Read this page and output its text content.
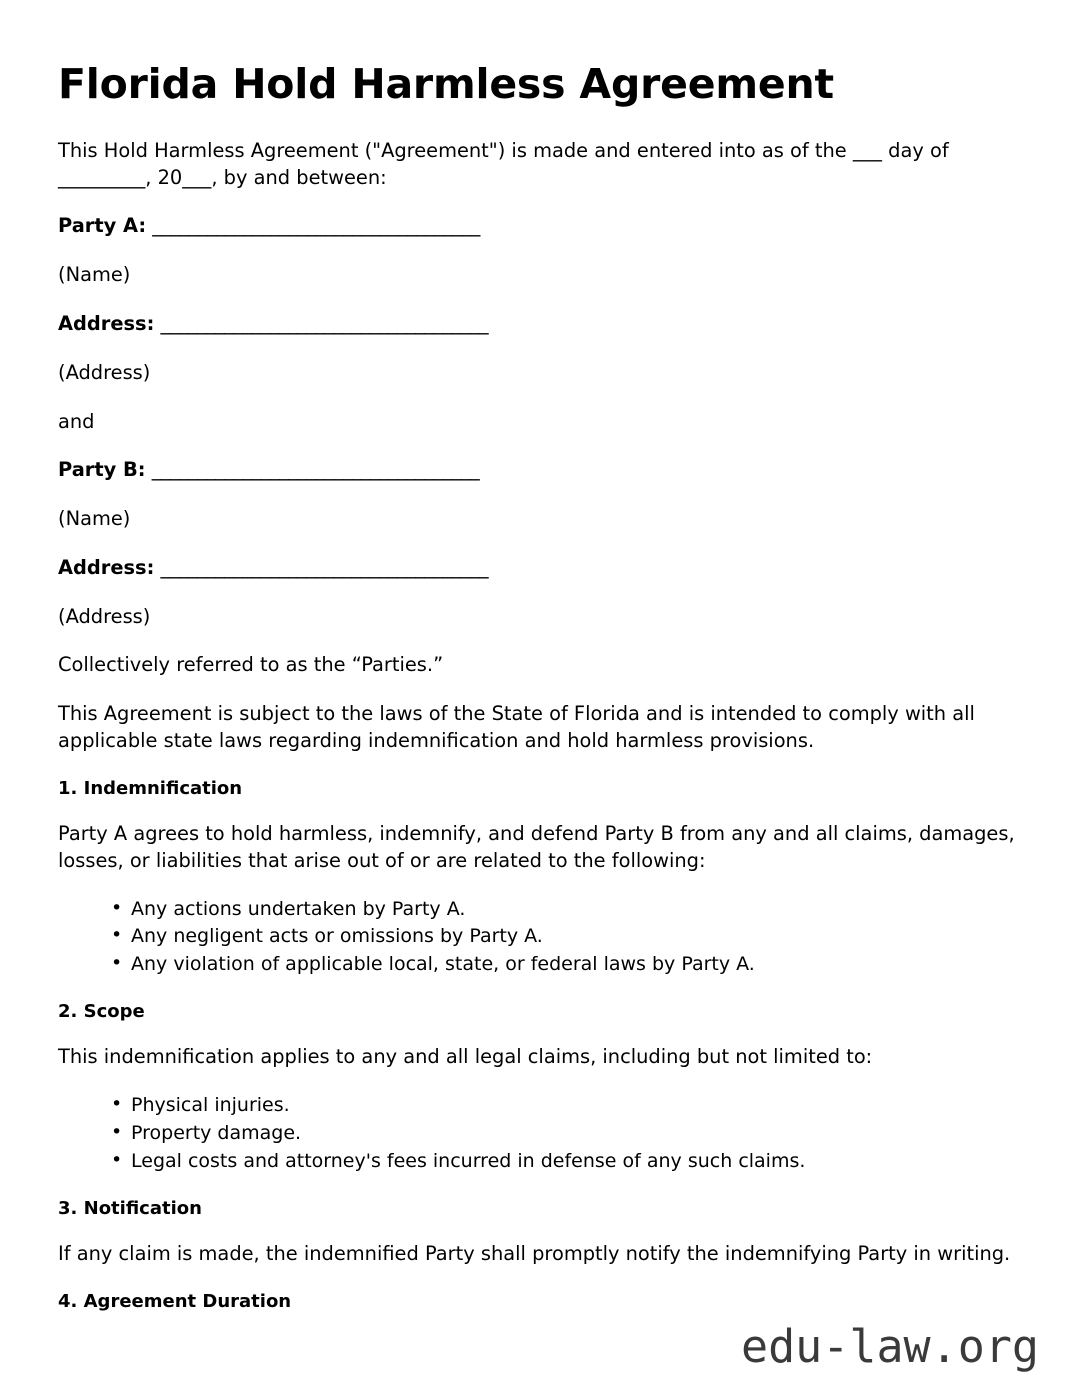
Florida Hold Harmless Agreement

This Hold Harmless Agreement ("Agreement") is made and entered into as of the ___ day of _________, 20___, by and between:

Party A: ____________________________________

(Name)

Address: ____________________________________

(Address)

and

Party B: ____________________________________

(Name)

Address: ____________________________________

(Address)

Collectively referred to as the “Parties.”

This Agreement is subject to the laws of the State of Florida and is intended to comply with all applicable state laws regarding indemnification and hold harmless provisions.

1. Indemnification

Party A agrees to hold harmless, indemnify, and defend Party B from any and all claims, damages, losses, or liabilities that arise out of or are related to the following:

• Any actions undertaken by Party A.
• Any negligent acts or omissions by Party A.
• Any violation of applicable local, state, or federal laws by Party A.
2. Scope

This indemnification applies to any and all legal claims, including but not limited to:

• Physical injuries.
• Property damage.
• Legal costs and attorney's fees incurred in defense of any such claims.
3. Notification

If any claim is made, the indemnified Party shall promptly notify the indemnifying Party in writing.

4. Agreement Duration
edu-law.org
